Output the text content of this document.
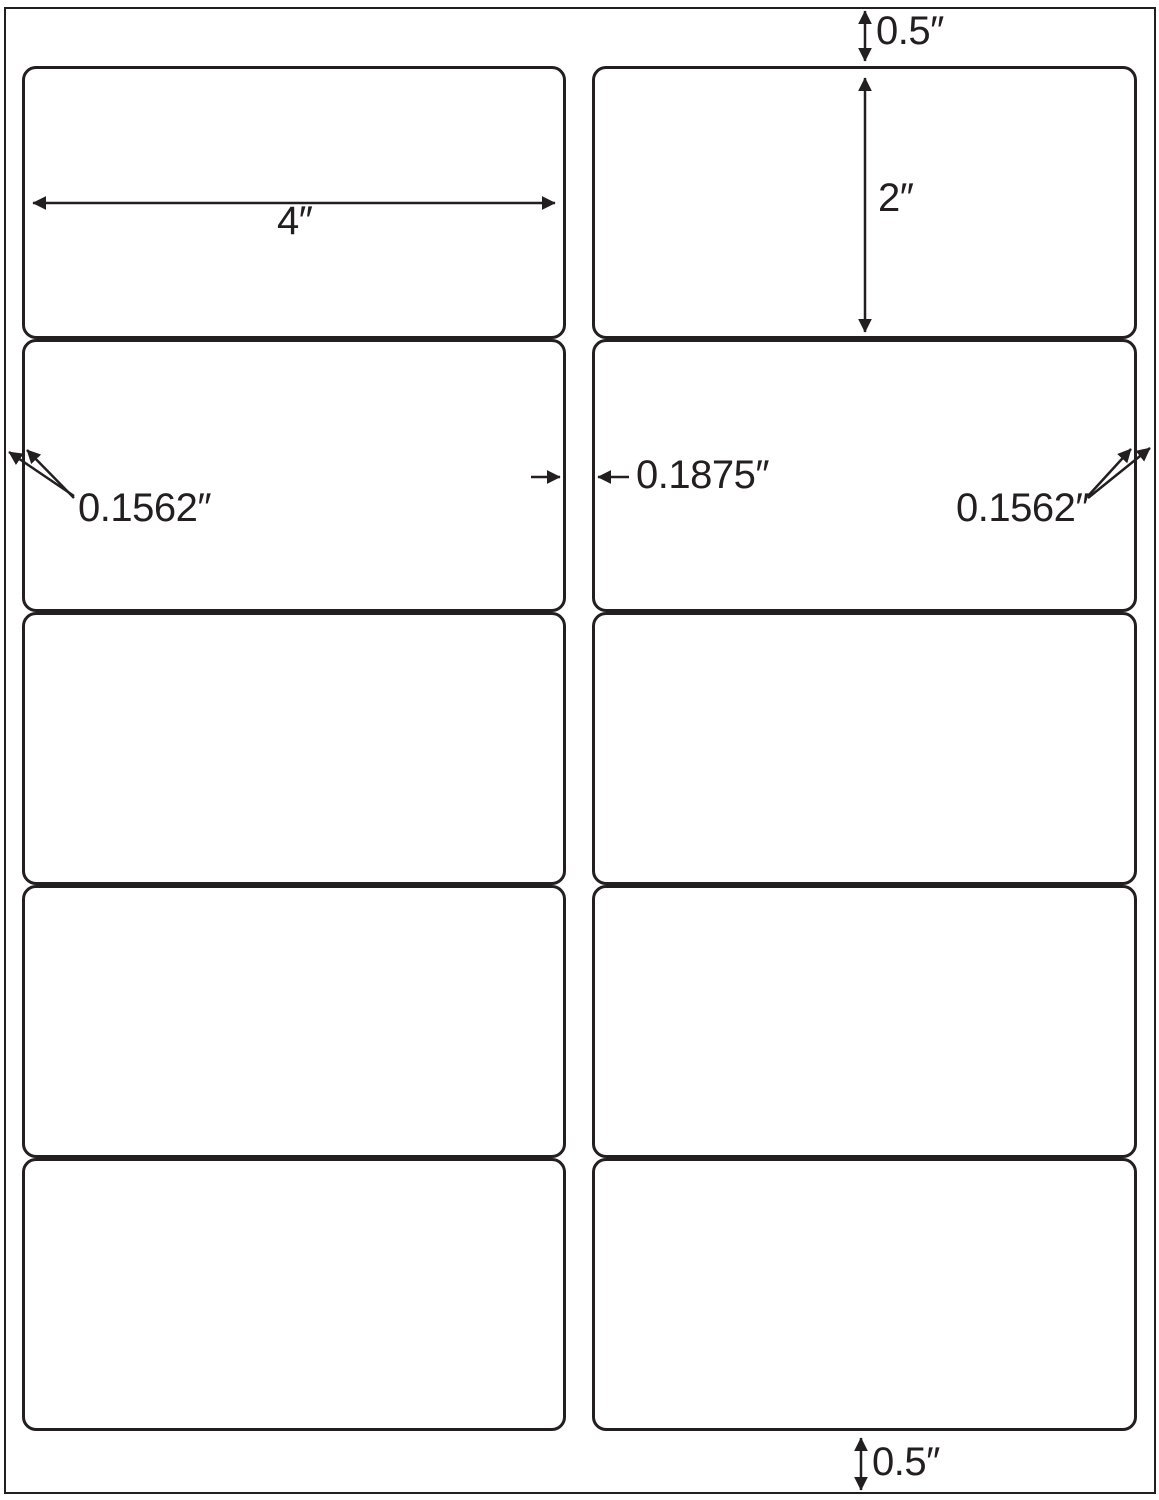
0.5″
2″
4″
0.1562″
0.1875″
0.1562″
0.5″
